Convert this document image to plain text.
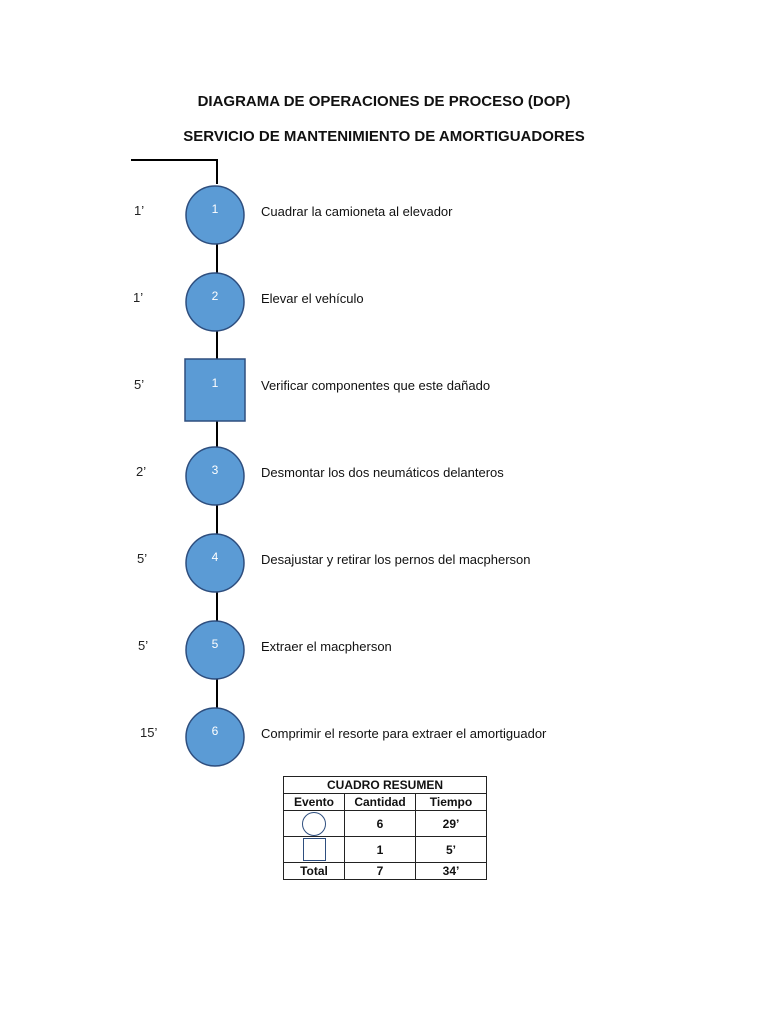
DIAGRAMA DE OPERACIONES DE PROCESO (DOP)
SERVICIO DE MANTENIMIENTO DE AMORTIGUADORES
1
1’	Cuadrar la camioneta al elevador
2
1’	Elevar el vehículo
1
5’	Verificar componentes que este dañado
3
2’	Desmontar los dos neumáticos delanteros
4
5’	Desajustar y retirar los pernos del macpherson
5
5’	Extraer el macpherson
6
15’	Comprimir el resorte para extraer el amortiguador
CUADRO RESUMEN		
Evento	Cantidad	Tiempo
	6	29’
	1	5’
Total	7	34’
